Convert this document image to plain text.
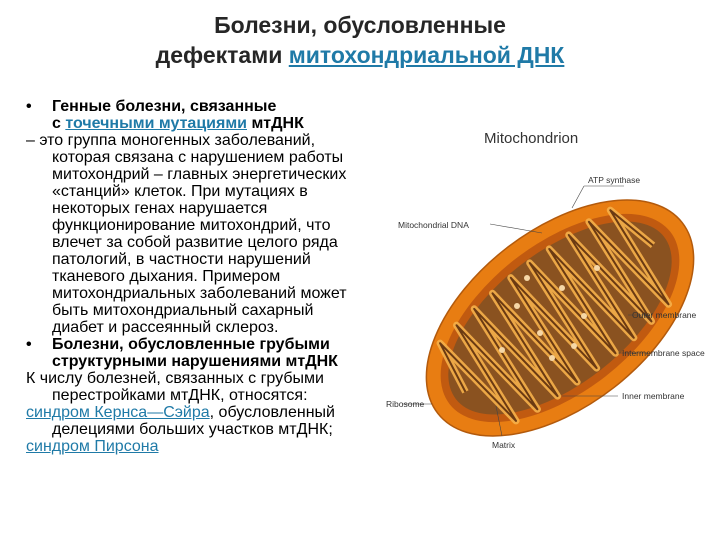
Болезни, обусловленные
дефектами митохондриальной ДНК
• Генные болезни, связанные
с точечными мутациями мтДНК
– это группа моногенных заболеваний,
которая связана с нарушением работы
митохондрий – главных энергетических
«станций» клеток. При мутациях в
некоторых генах нарушается
функционирование митохондрий, что
влечет за собой развитие целого ряда
патологий, в частности нарушений
тканевого дыхания. Примером
митохондриальных заболеваний может
быть митохондриальный сахарный
диабет и рассеянный склероз.
• Болезни, обусловленные грубыми
структурными нарушениями мтДНК
К числу болезней, связанных с грубыми
перестройками мтДНК, относятся:
синдром Кернса—Сэйра, обусловленный
делециями больших участков мтДНК;
синдром Пирсона
Mitochondrion
ATP synthase
Mitochondrial DNA
Outer membrane
Intermembrane space
Ribosome
Inner membrane
Matrix
